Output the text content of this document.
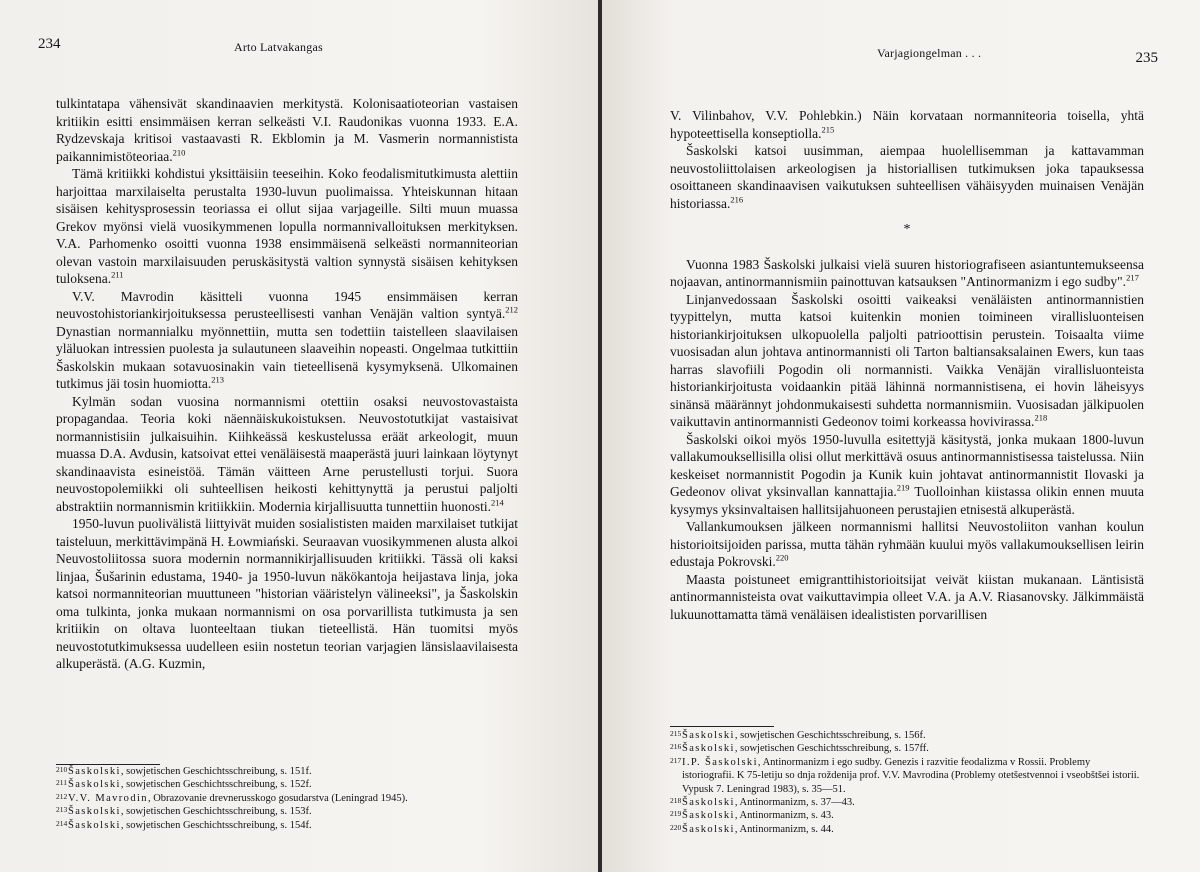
234	Arto Latvakangas

tulkintatapa vähensivät skandinaavien merkitystä. Kolonisaatioteorian vastaisen kritiikin esitti ensimmäisen kerran selkeästi V.I. Raudonikas vuonna 1933. E.A. Rydzevskaja kritisoi vastaavasti R. Ekblomin ja M. Vasmerin normannistista paikannimistöteoriaa.$^{210}$

Tämä kritiikki kohdistui yksittäisiin teeseihin. Koko feodalismitutkimusta alettiin harjoittaa marxilaiselta perustalta 1930-luvun puolimaissa. Yhteiskunnan hitaan sisäisen kehitysprosessin teoriassa ei ollut sijaa varjageille. Silti muun muassa Grekov myönsi vielä vuosikymmenen lopulla normannivalloituksen merkityksen. V.A. Parhomenko osoitti vuonna 1938 ensimmäisenä selkeästi normanniteorian olevan vastoin marxilaisuuden peruskäsitystä valtion synnystä sisäisen kehityksen tuloksena.$^{211}$

V.V. Mavrodin käsitteli vuonna 1945 ensimmäisen kerran neuvostohistoriankirjoituksessa perusteellisesti vanhan Venäjän valtion syntyä.$^{212}$ Dynastian normannialku myönnettiin, mutta sen todettiin taistelleen slaavilaisen yläluokan intressien puolesta ja sulautuneen slaaveihin nopeasti. Ongelmaa tutkittiin Šaskolskin mukaan sotavuosinakin vain tieteellisenä kysymyksenä. Ulkomainen tutkimus jäi tosin huomiotta.$^{213}$

Kylmän sodan vuosina normannismi otettiin osaksi neuvostovastaista propagandaa. Teoria koki näennäiskukoistuksen. Neuvostotutkijat vastaisivat normannistisiin julkaisuihin. Kiihkeässä keskustelussa eräät arkeologit, muun muassa D.A. Avdusin, katsoivat ettei venäläisestä maaperästä juuri lainkaan löytynyt skandinaavista esineistöä. Tämän väitteen Arne perustellusti torjui. Suora neuvostopolemiikki oli suhteellisen heikosti kehittynyttä ja perustui paljolti abstraktiin normannismin kritiikkiin. Modernia kirjallisuutta tunnettiin huonosti.$^{214}$

1950-luvun puolivälistä liittyivät muiden sosialististen maiden marxilaiset tutkijat taisteluun, merkittävimpänä H. Łowmiański. Seuraavan vuosikymmenen alusta alkoi Neuvostoliitossa suora modernin normannikirjallisuuden kritiikki. Tässä oli kaksi linjaa, Šušarinin edustama, 1940- ja 1950-luvun näkökantoja heijastava linja, joka katsoi normanniteorian muuttuneen "historian vääristelyn välineeksi", ja Šaskolskin oma tulkinta, jonka mukaan normannismi on osa porvarillista tutkimusta ja sen kritiikin on oltava luonteeltaan tiukan tieteellistä. Hän tuomitsi myös neuvostotutkimuksessa uudelleen esiin nostetun teorian varjagien länsislaavilaisesta alkuperästä. (A.G. Kuzmin,

210 Šaskolski, sowjetischen Geschichtsschreibung, s. 151f.
211 Šaskolski, sowjetischen Geschichtsschreibung, s. 152f.
212 V.V. Mavrodin, Obrazovanie drevnerusskogo gosudarstva (Leningrad 1945).
213 Šaskolski, sowjetischen Geschichtsschreibung, s. 153f.
214 Šaskolski, sowjetischen Geschichtsschreibung, s. 154f.
Varjagiongelman . . .	235

V. Vilinbahov, V.V. Pohlebkin.) Näin korvataan normanniteoria toisella, yhtä hypoteettisella konseptiolla.$^{215}$

Šaskolski katsoi uusimman, aiempaa huolellisemman ja kattavamman neuvostoliittolaisen arkeologisen ja historiallisen tutkimuksen joka tapauksessa osoittaneen skandinaavisen vaikutuksen suhteellisen vähäisyyden muinaisen Venäjän historiassa.$^{216}$

*

Vuonna 1983 Šaskolski julkaisi vielä suuren historiografiseen asiantuntemukseensa nojaavan, antinormannismiin painottuvan katsauksen "Antinormanizm i ego sudby".$^{217}$

Linjanvedossaan Šaskolski osoitti vaikeaksi venäläisten antinormannistien tyypittelyn, mutta katsoi kuitenkin monien toimineen virallisluonteisen historiankirjoituksen ulkopuolella paljolti patrioottisin perustein. Toisaalta viime vuosisadan alun johtava antinormannisti oli Tarton baltiansaksalainen Ewers, kun taas harras slavofiili Pogodin oli normannisti. Vaikka Venäjän virallisluonteista historiankirjoitusta voidaankin pitää lähinnä normannistisena, ei hovin läheisyys sinänsä määrännyt johdonmukaisesti suhdetta normannismiin. Vuosisadan jälkipuolen vaikuttavin antinormannisti Gedeonov toimi korkeassa hovivirassa.$^{218}$

Šaskolski oikoi myös 1950-luvulla esitettyjä käsitystä, jonka mukaan 1800-luvun vallakumouksellisilla olisi ollut merkittävä osuus antinormannistisessa taistelussa. Niin keskeiset normannistit Pogodin ja Kunik kuin johtavat antinormannistit Ilovaski ja Gedeonov olivat yksinvallan kannattajia.$^{219}$ Tuolloinhan kiistassa olikin ennen muuta kysymys yksinvaltaisen hallitsijahuoneen perustajien etnisestä alkuperästä.

Vallankumouksen jälkeen normannismi hallitsi Neuvostoliiton vanhan koulun historioitsijoiden parissa, mutta tähän ryhmään kuului myös vallakumouksellisen leirin edustaja Pokrovski.$^{220}$

Maasta poistuneet emigranttihistorioitsijat veivät kiistan mukanaan. Läntisistä antinormannisteista ovat vaikuttavimpia olleet V.A. ja A.V. Riasanovsky. Jälkimmäistä lukuunottamatta tämä venäläisen idealististen porvarillisen

215 Šaskolski, sowjetischen Geschichtsschreibung, s. 156f.
216 Šaskolski, sowjetischen Geschichtsschreibung, s. 157ff.
217 I.P. Šaskolski, Antinormanizm i ego sudby. Genezis i razvitie feodalizma v Rossii. Problemy istoriografii. K 75-letiju so dnja roždenija prof. V.V. Mavrodina (Problemy otetšestvennoi i vseobštšei istorii. Vypusk 7. Leningrad 1983), s. 35—51.
218 Šaskolski, Antinormanizm, s. 37—43.
219 Šaskolski, Antinormanizm, s. 43.
220 Šaskolski, Antinormanizm, s. 44.
